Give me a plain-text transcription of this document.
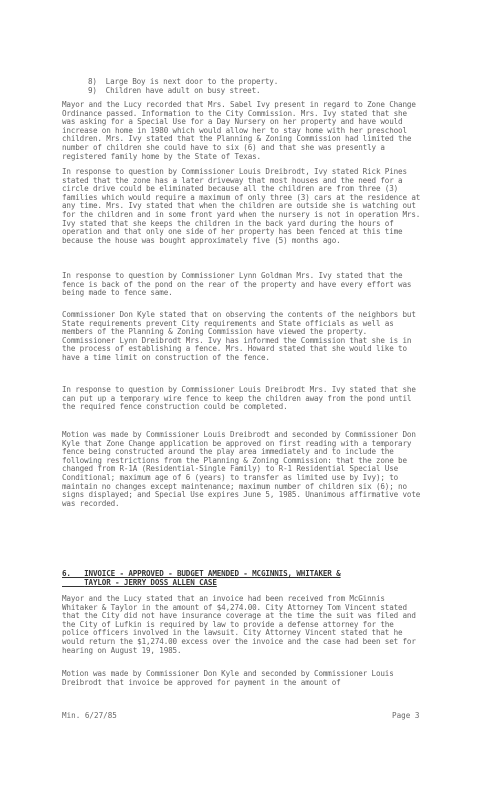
8)  Large Boy is next door to the property.
9)  Children have adult on busy street.
Mayor and the Lucy recorded that Mrs. Sabel Ivy present in regard to Zone Change Ordinance passed. Information to the City Commission. Mrs. Ivy stated that she was asking for a Special Use for a Day Nursery on her property and have would increase on home in 1980 which would allow her to stay home with her preschool children. Mrs. Ivy stated that the Planning & Zoning Commission had limited the number of children she could have to six (6) and that she was presently a registered family home by the State of Texas.
In response to question by Commissioner Louis Dreibrodt, Ivy stated Rick Pines stated that the zone has a later driveway that most houses and the need for a circle drive could be eliminated because all the children are from three (3) families which would require a maximum of only three (3) cars at the residence at any time. Mrs. Ivy stated that when the children are outside she is watching out for the children and in some front yard when the nursery is not in operation Mrs. Ivy stated that she keeps the children in the back yard during the hours of operation and that only one side of her property has been fenced at this time because the house was bought approximately five (5) months ago.
In response to question by Commissioner Lynn Goldman Mrs. Ivy stated that the fence is back of the pond on the rear of the property and have every effort was being made to fence same.
Commissioner Don Kyle stated that on observing the contents of the neighbors but State requirements prevent City requirements and State officials as well as members of the Planning & Zoning Commission have viewed the property. Commissioner Lynn Dreibrodt Mrs. Ivy has informed the Commission that she is in the process of establishing a fence. Mrs. Howard stated that she would like to have a time limit on construction of the fence.
In response to question by Commissioner Louis Dreibrodt Mrs. Ivy stated that she can put up a temporary wire fence to keep the children away from the pond until the required fence construction could be completed.
Motion was made by Commissioner Louis Dreibrodt and seconded by Commissioner Don Kyle that Zone Change application be approved on first reading with a temporary fence being constructed around the play area immediately and to include the following restrictions from the Planning & Zoning Commission: that the zone be changed from R-1A (Residential-Single Family) to R-1 Residential Special Use Conditional; maximum age of 6 (years) to transfer as limited use by Ivy); to maintain no changes except maintenance; maximum number of children six (6); no signs displayed; and Special Use expires June 5, 1985. Unanimous affirmative vote was recorded.
6.   INVOICE - APPROVED - BUDGET AMENDED - MCGINNIS, WHITAKER &
TAYLOR - JERRY DOSS ALLEN CASE
Mayor and the Lucy stated that an invoice had been received from McGinnis Whitaker & Taylor in the amount of $4,274.00. City Attorney Tom Vincent stated that the City did not have insurance coverage at the time the suit was filed and the City of Lufkin is required by law to provide a defense attorney for the police officers involved in the lawsuit. City Attorney Vincent stated that he would return the $1,274.00 excess over the invoice and the case had been set for hearing on August 19, 1985.
Motion was made by Commissioner Don Kyle and seconded by Commissioner Louis Dreibrodt that invoice be approved for payment in the amount of
Min. 6/27/85	Page 3
